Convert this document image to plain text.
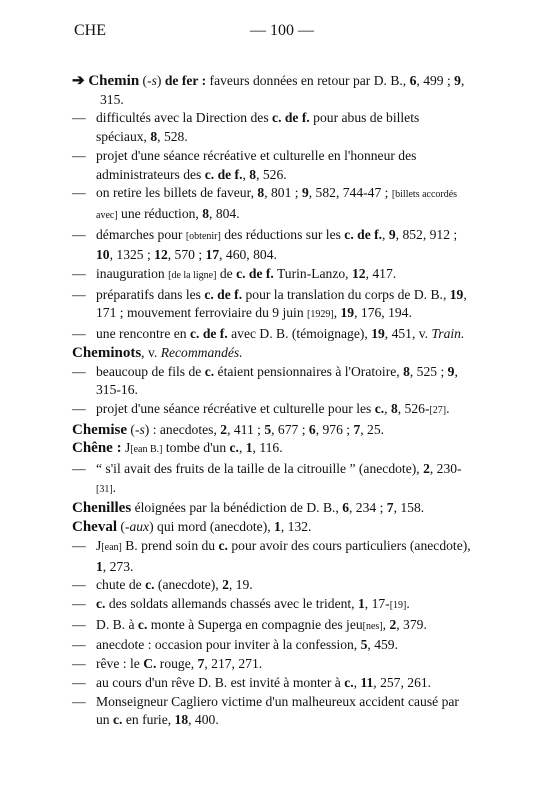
CHE	— 100 —
➔ Chemin (-s) de fer : faveurs données en retour par D. B., 6, 499 ; 9, 315.
— difficultés avec la Direction des c. de f. pour abus de billets spéciaux, 8, 528.
— projet d'une séance récréative et culturelle en l'honneur des administrateurs des c. de f., 8, 526.
— on retire les billets de faveur, 8, 801 ; 9, 582, 744-47 ; [billets accordés avec] une réduction, 8, 804.
— démarches pour [obtenir] des réductions sur les c. de f., 9, 852, 912 ; 10, 1325 ; 12, 570 ; 17, 460, 804.
— inauguration [de la ligne] de c. de f. Turin-Lanzo, 12, 417.
— préparatifs dans les c. de f. pour la translation du corps de D. B., 19, 171 ; mouvement ferroviaire du 9 juin [1929], 19, 176, 194.
— une rencontre en c. de f. avec D. B. (témoignage), 19, 451, v. Train.
Cheminots, v. Recommandés.
— beaucoup de fils de c. étaient pensionnaires à l'Oratoire, 8, 525 ; 9, 315-16.
— projet d'une séance récréative et culturelle pour les c., 8, 526-[27].
Chemise (-s) : anecdotes, 2, 411 ; 5, 677 ; 6, 976 ; 7, 25.
Chêne : J[ean B.] tombe d'un c., 1, 116.
— “ s'il avait des fruits de la taille de la citrouille ” (anecdote), 2, 230-[31].
Chenilles éloignées par la bénédiction de D. B., 6, 234 ; 7, 158.
Cheval (-aux) qui mord (anecdote), 1, 132.
— J[ean] B. prend soin du c. pour avoir des cours particuliers (anecdote), 1, 273.
— chute de c. (anecdote), 2, 19.
— c. des soldats allemands chassés avec le trident, 1, 17-[19].
— D. B. à c. monte à Superga en compagnie des jeu[nes], 2, 379.
— anecdote : occasion pour inviter à la confession, 5, 459.
— rêve : le C. rouge, 7, 217, 271.
— au cours d'un rêve D. B. est invité à monter à c., 11, 257, 261.
— Monseigneur Cagliero victime d'un malheureux accident causé par un c. en furie, 18, 400.
